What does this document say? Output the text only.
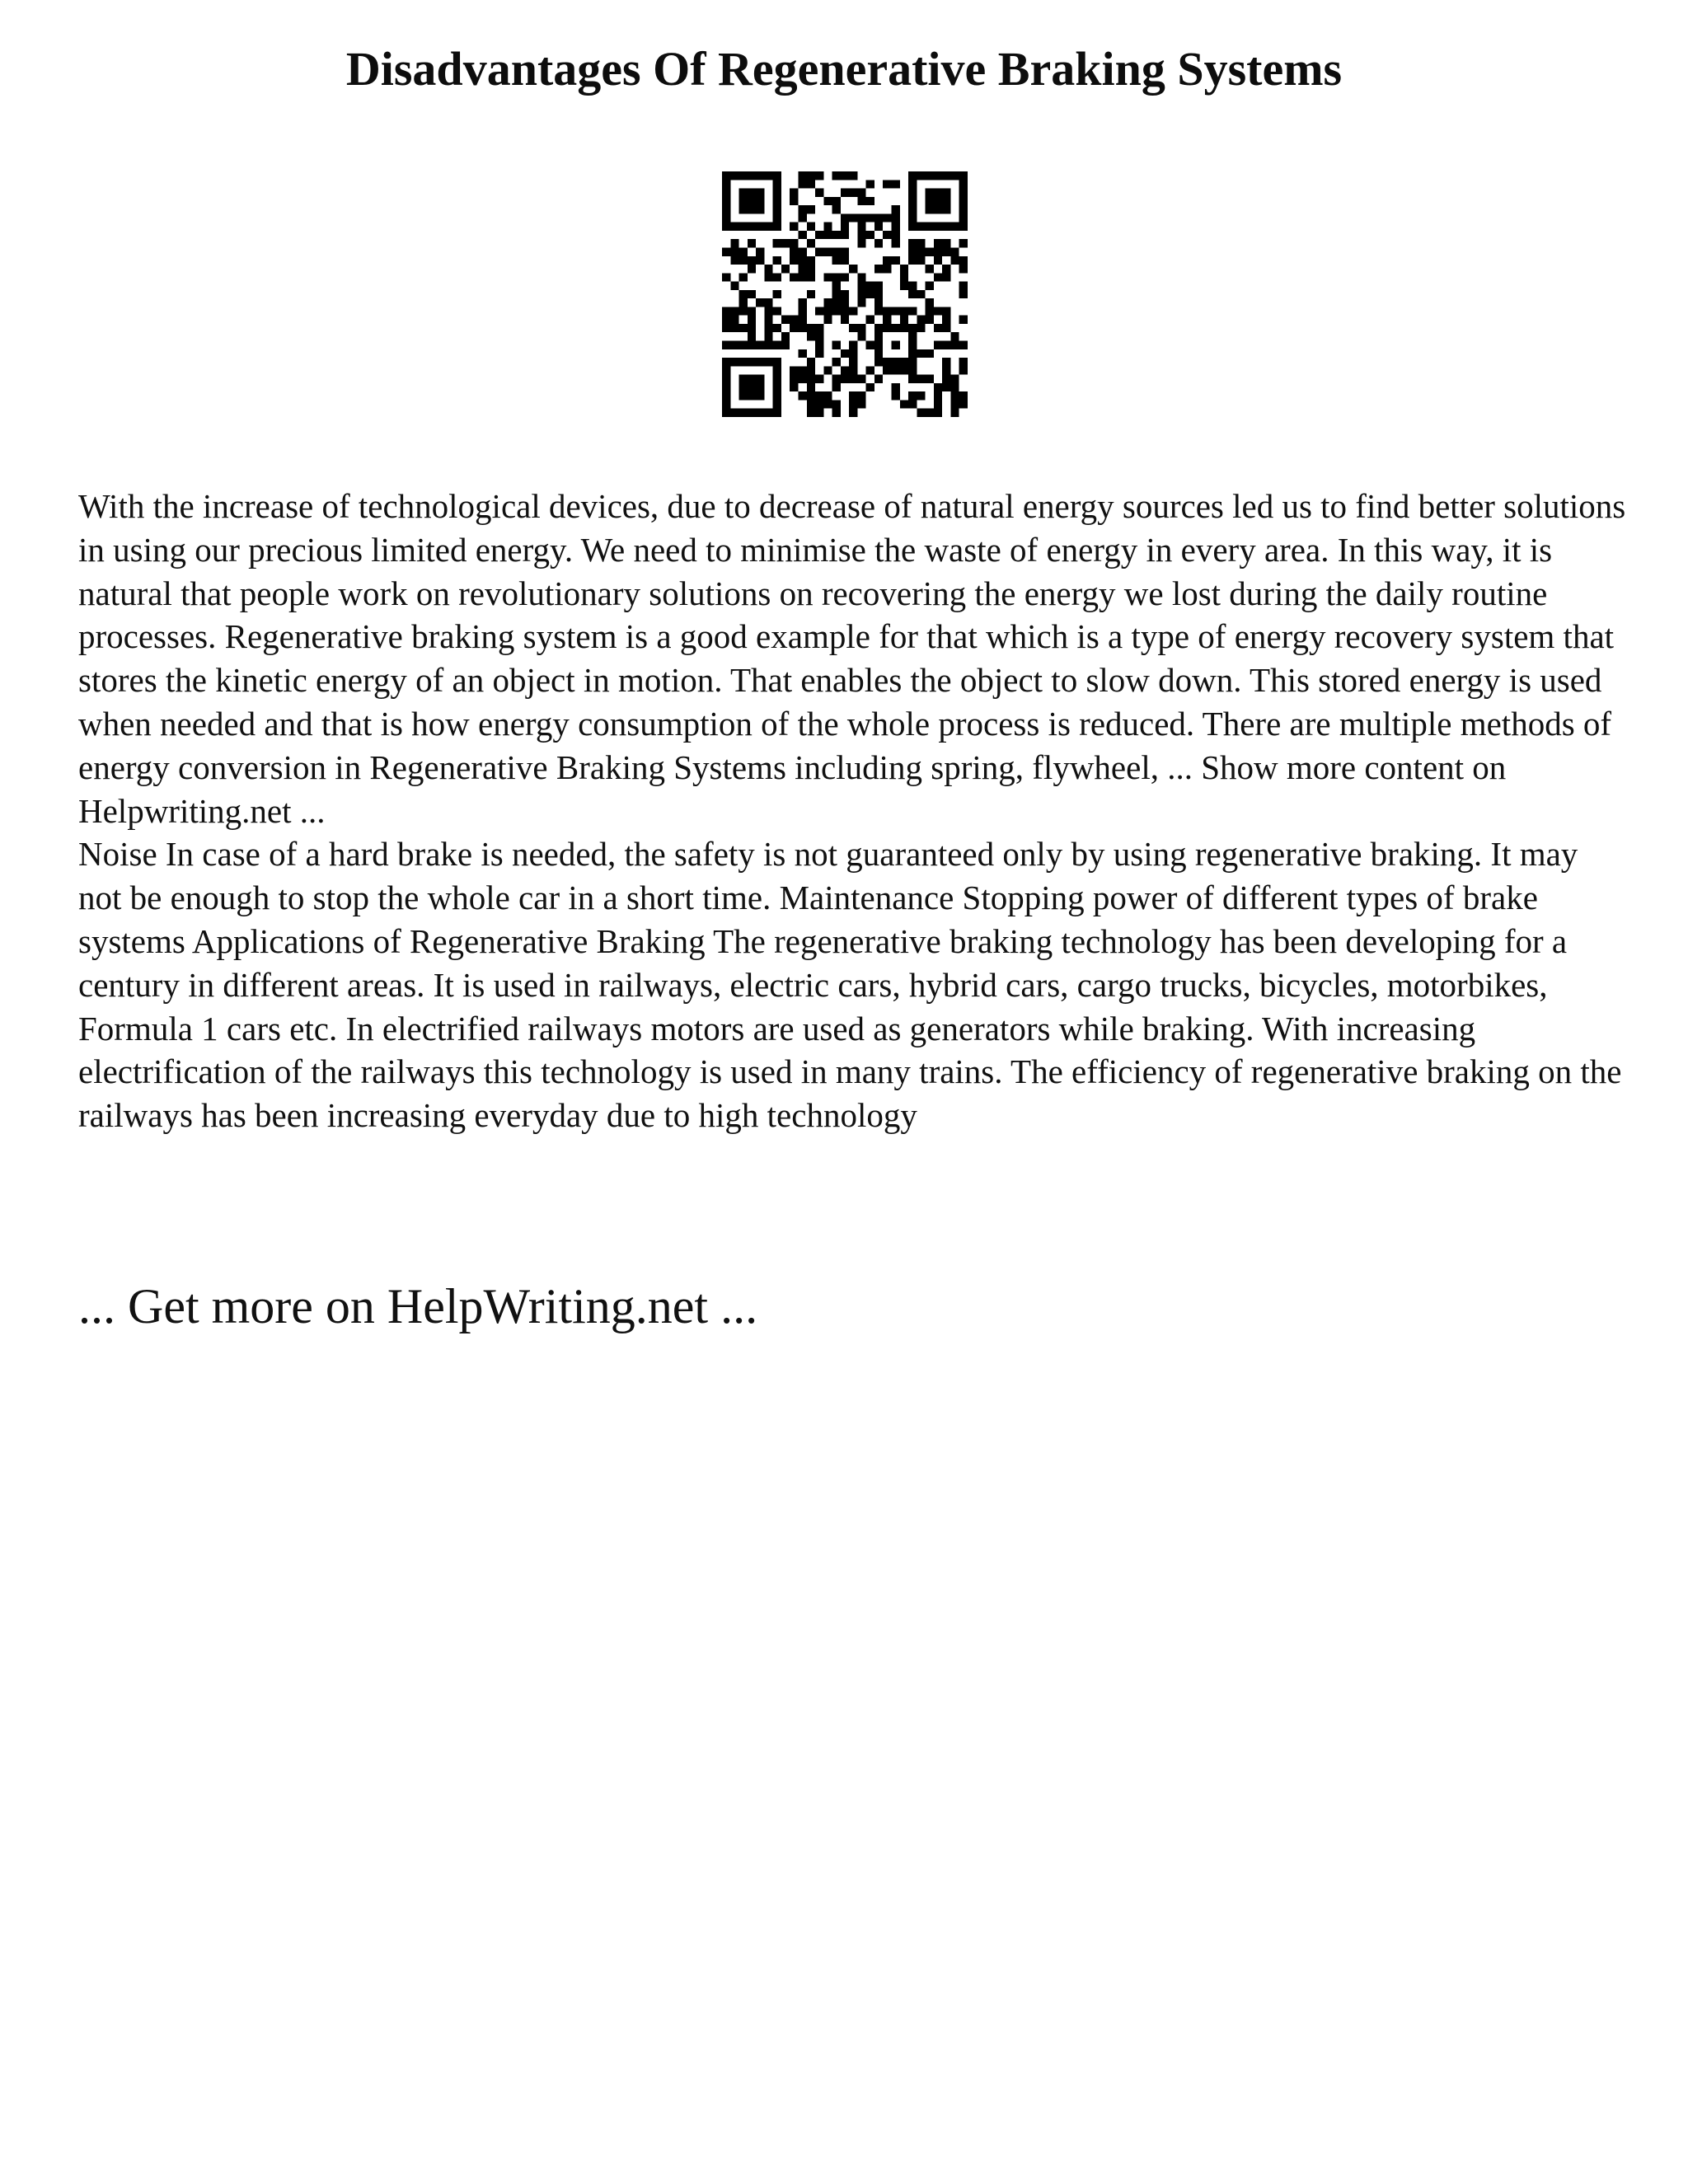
Disadvantages Of Regenerative Braking Systems

With the increase of technological devices, due to decrease of natural energy sources led us to find better solutions in using our precious limited energy. We need to minimise the waste of energy in every area. In this way, it is natural that people work on revolutionary solutions on recovering the energy we lost during the daily routine processes. Regenerative braking system is a good example for that which is a type of energy recovery system that stores the kinetic energy of an object in motion. That enables the object to slow down. This stored energy is used when needed and that is how energy consumption of the whole process is reduced. There are multiple methods of energy conversion in Regenerative Braking Systems including spring, flywheel, ... Show more content on Helpwriting.net ...

Noise In case of a hard brake is needed, the safety is not guaranteed only by using regenerative braking. It may not be enough to stop the whole car in a short time. Maintenance Stopping power of different types of brake systems Applications of Regenerative Braking The regenerative braking technology has been developing for a century in different areas. It is used in railways, electric cars, hybrid cars, cargo trucks, bicycles, motorbikes, Formula 1 cars etc. In electrified railways motors are used as generators while braking. With increasing electrification of the railways this technology is used in many trains. The efficiency of regenerative braking on the railways has been increasing everyday due to high technology

... Get more on HelpWriting.net ...
